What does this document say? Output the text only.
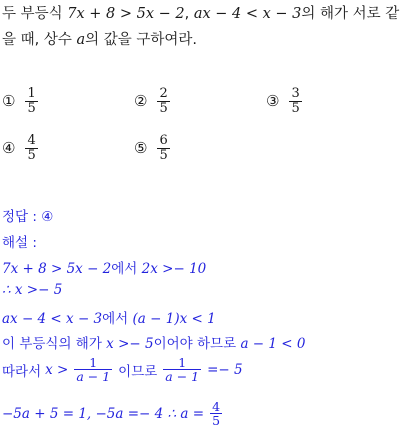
두 부등식 7x + 8 > 5x − 2, ax − 4 < x − 3의 해가 서로 같
을 때, 상수 a의 값을 구하여라.
① $\frac{1}{5}$	② $\frac{2}{5}$	③ $\frac{3}{5}$
④ $\frac{4}{5}$	⑤ $\frac{6}{5}$
정답 : ④
해설 :
7x + 8 > 5x − 2에서 2x >− 10
∴ x >− 5
ax − 4 < x − 3에서 (a − 1)x < 1
이 부등식의 해가 x >− 5이어야 하므로 a − 1 < 0
따라서 $x > \frac{1}{a - 1}$ 이므로 $\frac{1}{a - 1} =- 5$
−5a + 5 = 1, −5a =− 4 ∴ $a = \frac{4}{5}$
